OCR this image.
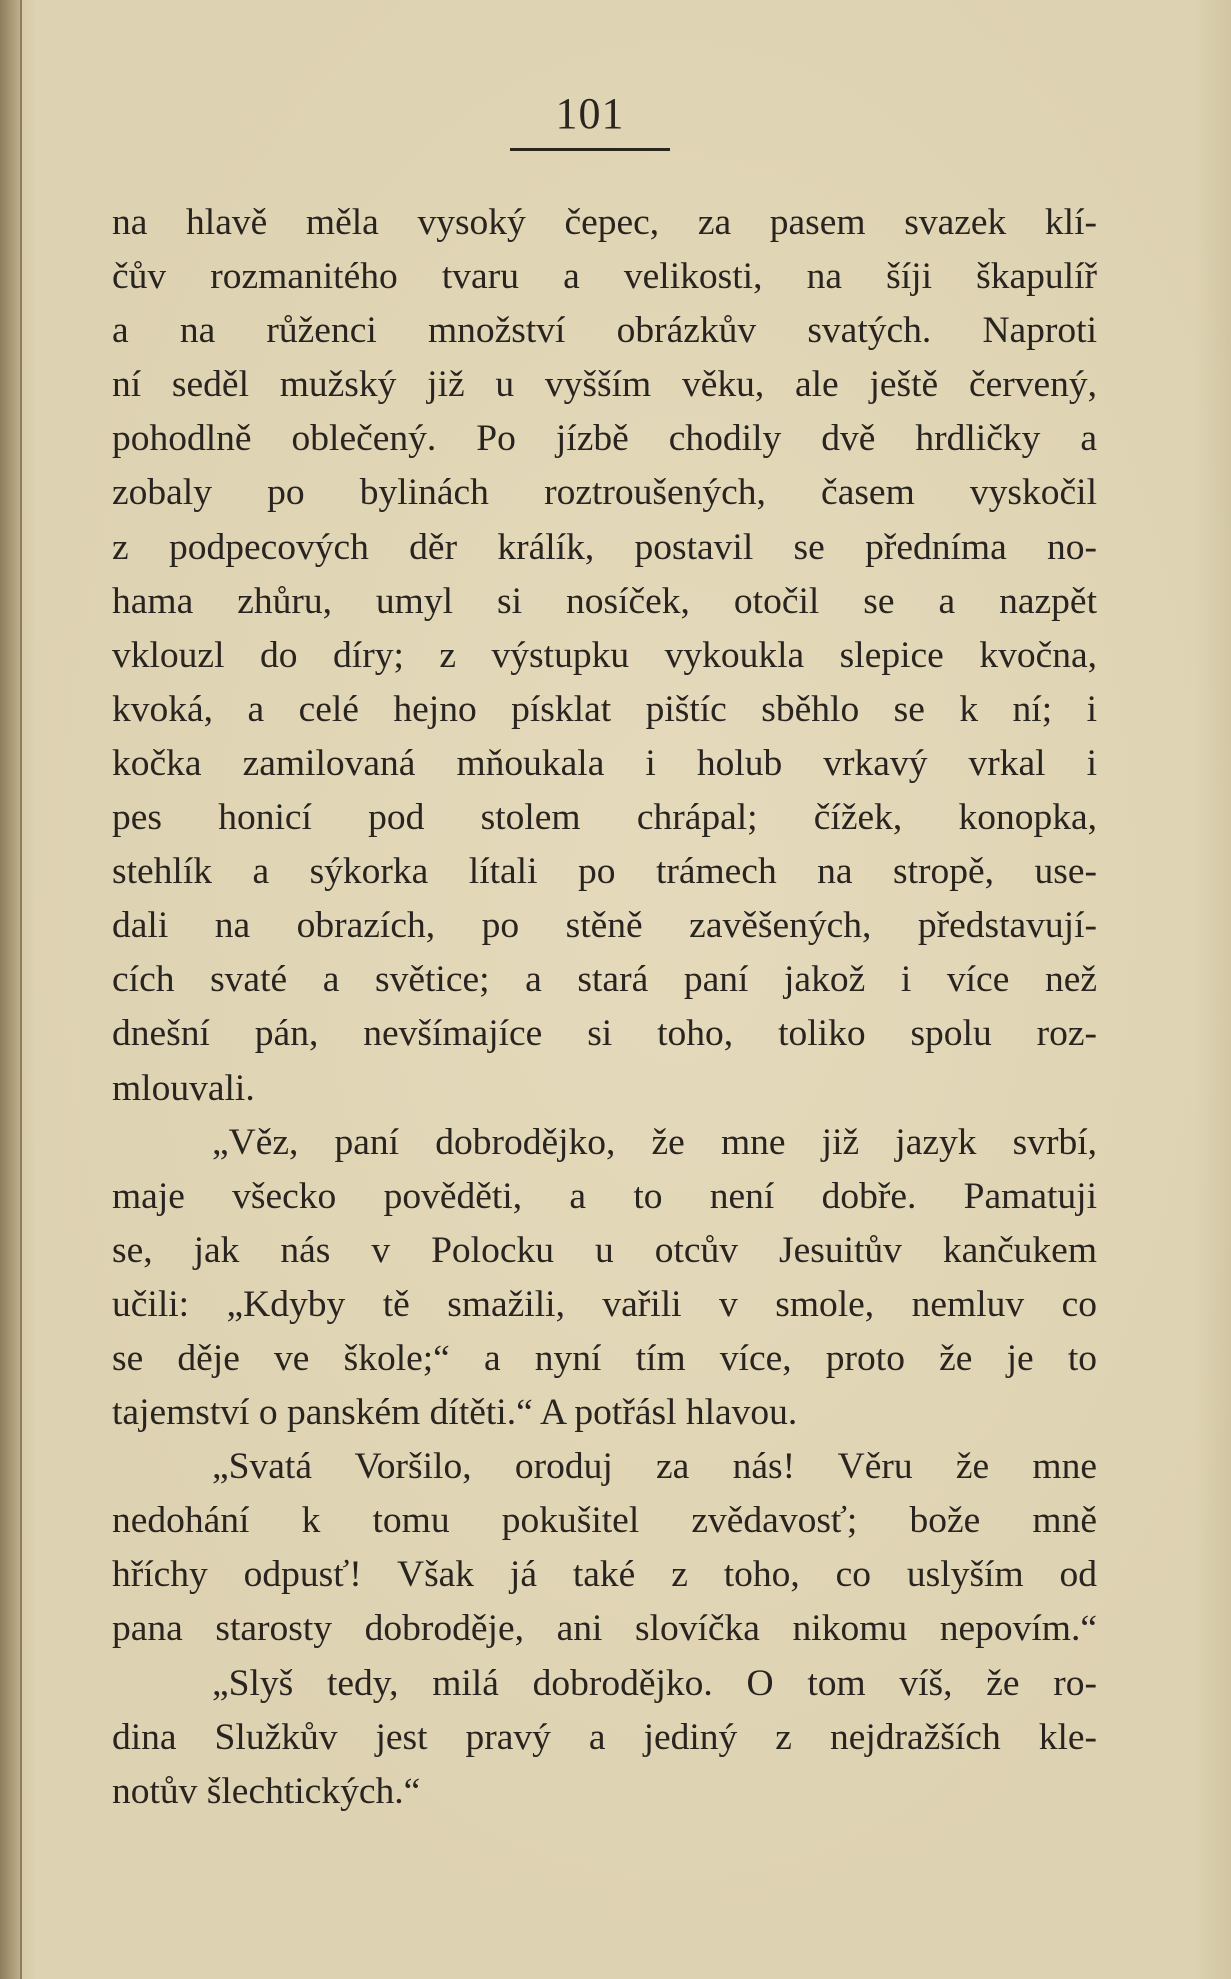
101
na hlavě měla vysoký čepec, za pasem svazek klí-
čův rozmanitého tvaru a velikosti, na šíji škapulíř
a na růženci množství obrázkův svatých. Naproti
ní seděl mužský již u vyšším věku, ale ještě červený,
pohodlně oblečený. Po jízbě chodily dvě hrdličky a
zobaly po bylinách roztroušených, časem vyskočil
z podpecových děr králík, postavil se předníma no-
hama zhůru, umyl si nosíček, otočil se a nazpět
vklouzl do díry; z výstupku vykoukla slepice kvočna,
kvoká, a celé hejno písklat pištíc sběhlo se k ní; i
kočka zamilovaná mňoukala i holub vrkavý vrkal i
pes honicí pod stolem chrápal; čížek, konopka,
stehlík a sýkorka lítali po trámech na stropě, use-
dali na obrazích, po stěně zavěšených, představují-
cích svaté a světice; a stará paní jakož i více než
dnešní pán, nevšímajíce si toho, toliko spolu roz-
mlouvali.
„Věz, paní dobrodějko, že mne již jazyk svrbí,
maje všecko pověděti, a to není dobře. Pamatuji
se, jak nás v Polocku u otcův Jesuitův kančukem
učili: „Kdyby tě smažili, vařili v smole, nemluv co
se děje ve škole;“ a nyní tím více, proto že je to
tajemství o panském dítěti.“ A potřásl hlavou.
„Svatá Voršilo, oroduj za nás! Věru že mne
nedohání k tomu pokušitel zvědavosť; bože mně
hříchy odpusť! Však já také z toho, co uslyším od
pana starosty dobroděje, ani slovíčka nikomu nepovím.“
„Slyš tedy, milá dobrodějko. O tom víš, že ro-
dina Služkův jest pravý a jediný z nejdražších kle-
notův šlechtických.“
